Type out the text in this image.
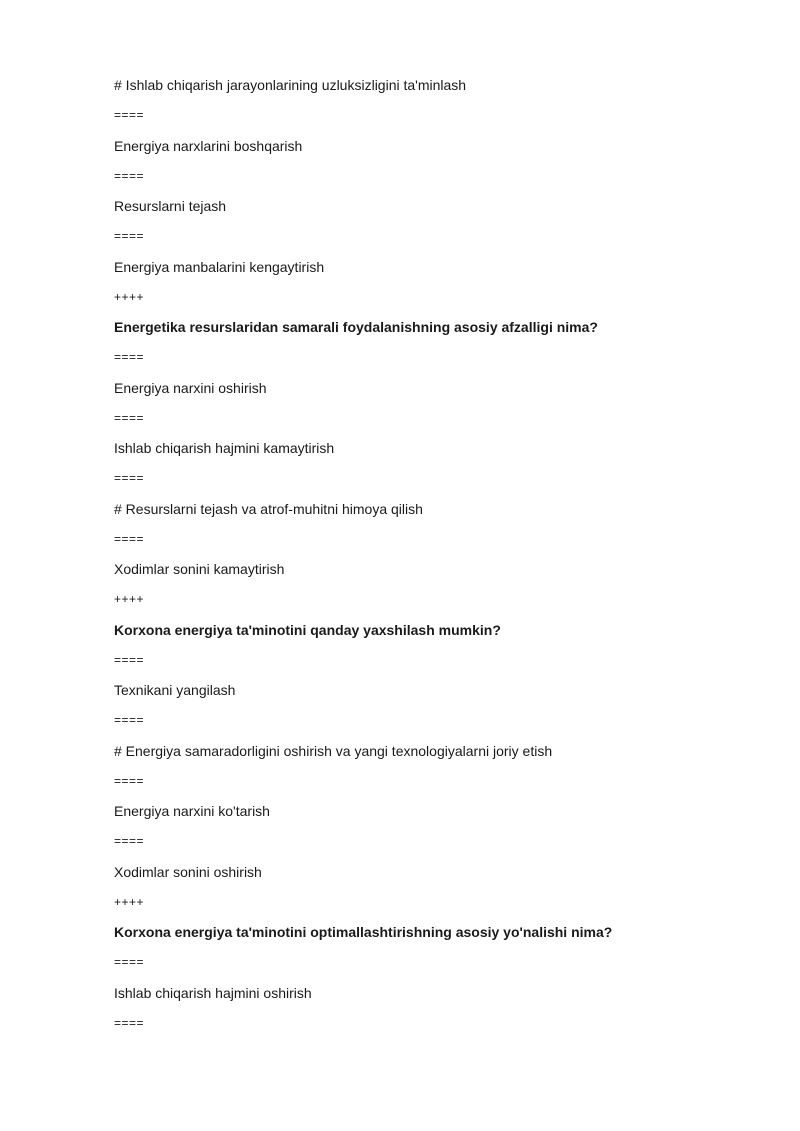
# Ishlab chiqarish jarayonlarining uzluksizligini ta'minlash
====
Energiya narxlarini boshqarish
====
Resurslarni tejash
====
Energiya manbalarini kengaytirish
++++
Energetika resurslaridan samarali foydalanishning asosiy afzalligi nima?
====
Energiya narxini oshirish
====
Ishlab chiqarish hajmini kamaytirish
====
# Resurslarni tejash va atrof-muhitni himoya qilish
====
Xodimlar sonini kamaytirish
++++
Korxona energiya ta'minotini qanday yaxshilash mumkin?
====
Texnikani yangilash
====
# Energiya samaradorligini oshirish va yangi texnologiyalarni joriy etish
====
Energiya narxini ko'tarish
====
Xodimlar sonini oshirish
++++
Korxona energiya ta'minotini optimallashtirishning asosiy yo'nalishi nima?
====
Ishlab chiqarish hajmini oshirish
====
